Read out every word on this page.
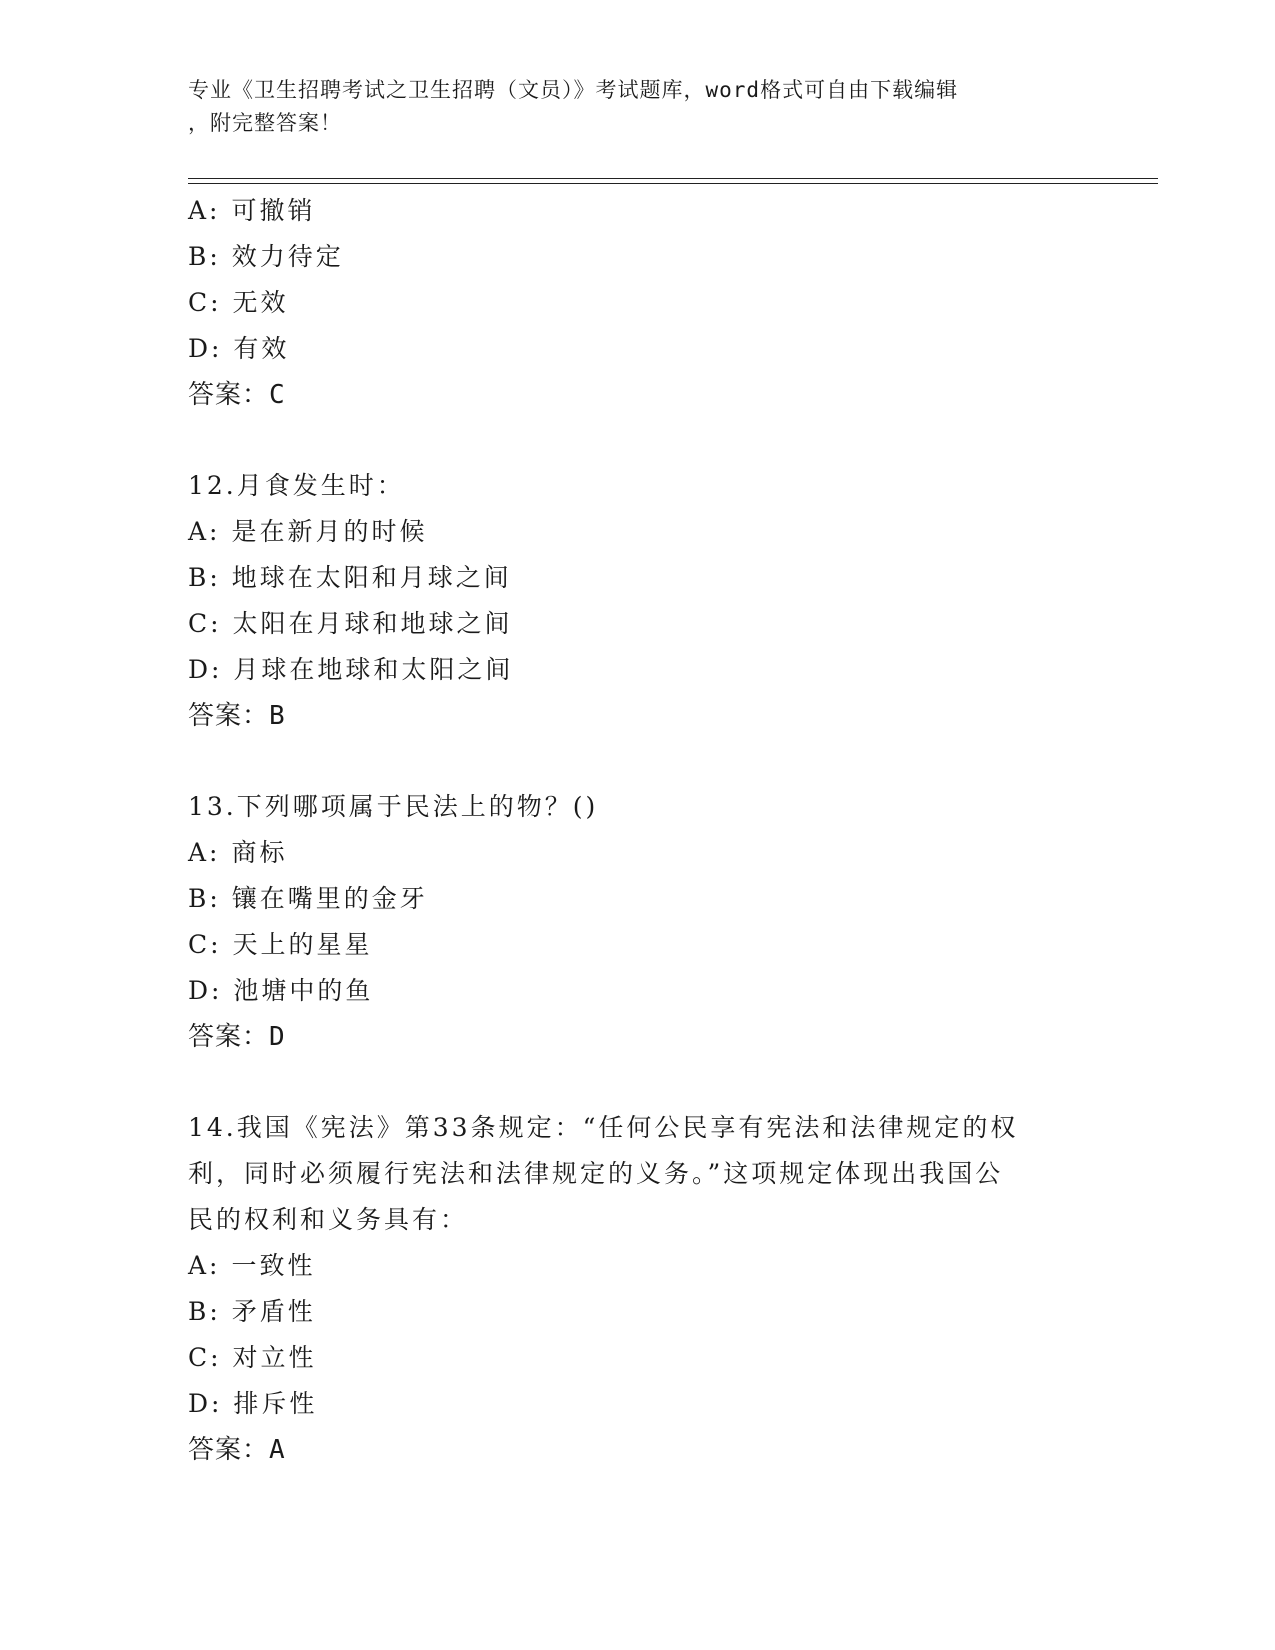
专业《卫生招聘考试之卫生招聘（文员）》考试题库，word格式可自由下载编辑
，附完整答案！
A: 可撤销
B: 效力待定
C: 无效
D: 有效
答案：C
12.月食发生时：
A: 是在新月的时候
B: 地球在太阳和月球之间
C: 太阳在月球和地球之间
D: 月球在地球和太阳之间
答案：B
13.下列哪项属于民法上的物？()
A: 商标
B: 镶在嘴里的金牙
C: 天上的星星
D: 池塘中的鱼
答案：D
14.我国《宪法》第33条规定：“任何公民享有宪法和法律规定的权
利，同时必须履行宪法和法律规定的义务。”这项规定体现出我国公
民的权利和义务具有：
A: 一致性
B: 矛盾性
C: 对立性
D: 排斥性
答案：A
